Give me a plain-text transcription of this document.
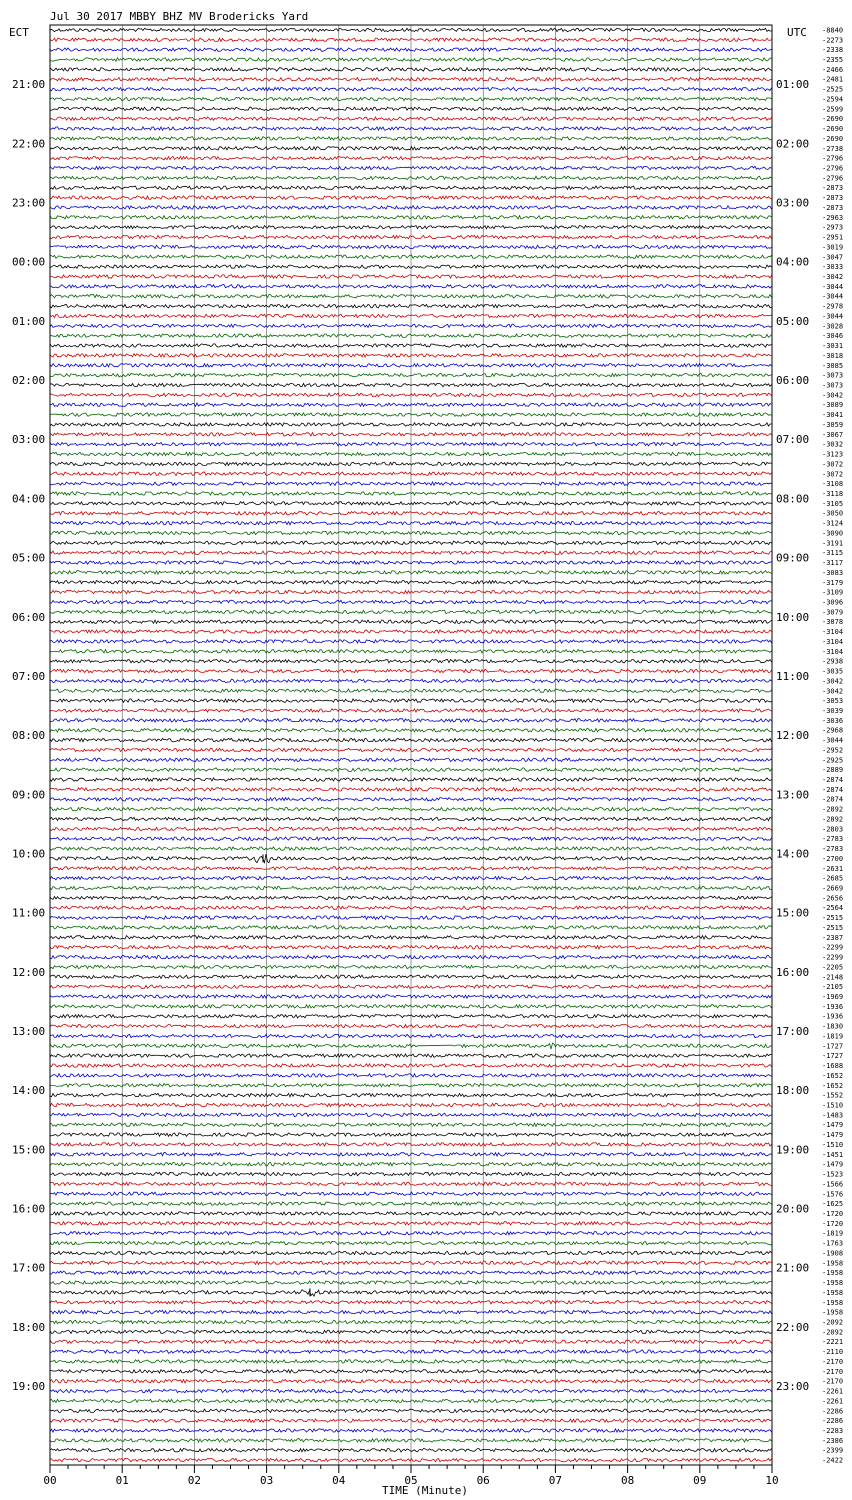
Jul 30 2017 MBBY BHZ MV Brodericks Yard
ECT	UTC
21:00
22:00
23:00
00:00
01:00
02:00
03:00
04:00
05:00
06:00
07:00
08:00
09:00
10:00
11:00
12:00
13:00
14:00
15:00
16:00
17:00
18:00
19:00
01:00
02:00
03:00
04:00
05:00
06:00
07:00
08:00
09:00
10:00
11:00
12:00
13:00
14:00
15:00
16:00
17:00
18:00
19:00
20:00
21:00
22:00
23:00
-8840
-2273
-2338
-2355
-2466
-2481
-2525
-2594
-2599
-2690
-2690
-2690
-2738
-2796
-2796
-2796
-2873
-2873
-2873
-2963
-2973
-2951
-3019
-3047
-3033
-3042
-3044
-3044
-2978
-3044
-3028
-3046
-3031
-3018
-3085
-3073
-3073
-3042
-3089
-3041
-3059
-3067
-3032
-3123
-3072
-3072
-3108
-3118
-3105
-3050
-3124
-3090
-3191
-3115
-3117
-3083
-3179
-3109
-3096
-3079
-3078
-3104
-3104
-3104
-2938
-3035
-3042
-3042
-3053
-3039
-3036
-2968
-3044
-2952
-2925
-2889
-2874
-2874
-2874
-2892
-2892
-2803
-2783
-2783
-2700
-2631
-2685
-2669
-2656
-2564
-2515
-2515
-2387
-2299
-2299
-2205
-2148
-2105
-1969
-1936
-1936
-1830
-1819
-1727
-1727
-1688
-1652
-1652
-1552
-1510
-1483
-1479
-1479
-1510
-1451
-1479
-1523
-1566
-1576
-1625
-1720
-1720
-1819
-1763
-1908
-1958
-1958
-1958
-1958
-1958
-1958
-2092
-2092
-2221
-2110
-2170
-2170
-2170
-2261
-2261
-2286
-2286
-2283
-2386
-2399
-2422
00	01	02	03	04	05	06	07	08	09	10
TIME (Minute)
